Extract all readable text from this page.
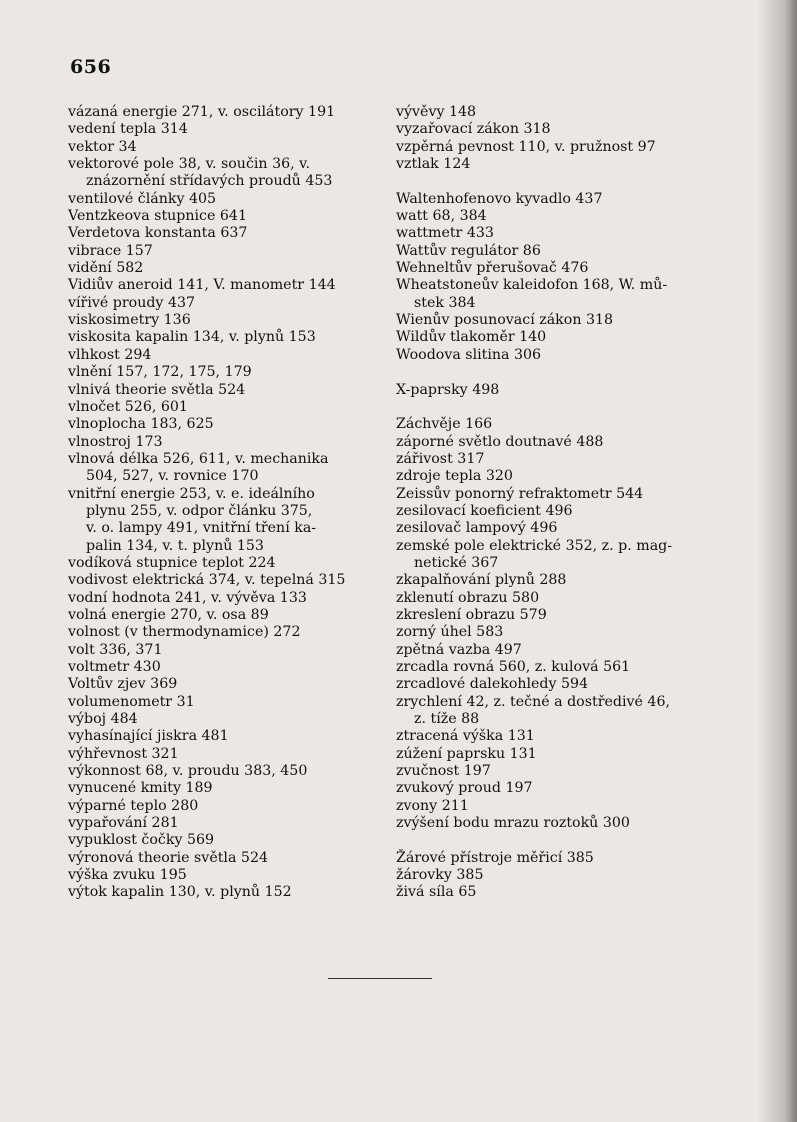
656
vázaná energie 271, v. oscilátory 191
vedení tepla 314
vektor 34
vektorové pole 38, v. součin 36, v.
znázornění střídavých proudů 453
ventilové články 405
Ventzkeova stupnice 641
Verdetova konstanta 637
vibrace 157
vidění 582
Vidiův aneroid 141, V. manometr 144
vířivé proudy 437
viskosimetry 136
viskosita kapalin 134, v. plynů 153
vlhkost 294
vlnění 157, 172, 175, 179
vlnivá theorie světla 524
vlnočet 526, 601
vlnoplocha 183, 625
vlnostroj 173
vlnová délka 526, 611, v. mechanika
504, 527, v. rovnice 170
vnitřní energie 253, v. e. ideálního
plynu 255, v. odpor článku 375,
v. o. lampy 491, vnitřní tření ka-
palin 134, v. t. plynů 153
vodíková stupnice teplot 224
vodivost elektrická 374, v. tepelná 315
vodní hodnota 241, v. vývěva 133
volná energie 270, v. osa 89
volnost (v thermodynamice) 272
volt 336, 371
voltmetr 430
Voltův zjev 369
volumenometr 31
výboj 484
vyhasínající jiskra 481
výhřevnost 321
výkonnost 68, v. proudu 383, 450
vynucené kmity 189
výparné teplo 280
vypařování 281
vypuklost čočky 569
výronová theorie světla 524
výška zvuku 195
výtok kapalin 130, v. plynů 152
vývěvy 148
vyzařovací zákon 318
vzpěrná pevnost 110, v. pružnost 97
vztlak 124
Waltenhofenovo kyvadlo 437
watt 68, 384
wattmetr 433
Wattův regulátor 86
Wehneltův přerušovač 476
Wheatstoneův kaleidofon 168, W. mů-
stek 384
Wienův posunovací zákon 318
Wildův tlakoměr 140
Woodova slitina 306
X-paprsky 498
Záchvěje 166
záporné světlo doutnavé 488
zářivost 317
zdroje tepla 320
Zeissův ponorný refraktometr 544
zesilovací koeficient 496
zesilovač lampový 496
zemské pole elektrické 352, z. p. mag-
netické 367
zkapalňování plynů 288
zklenutí obrazu 580
zkreslení obrazu 579
zorný úhel 583
zpětná vazba 497
zrcadla rovná 560, z. kulová 561
zrcadlové dalekohledy 594
zrychlení 42, z. tečné a dostředivé 46,
z. tíže 88
ztracená výška 131
zúžení paprsku 131
zvučnost 197
zvukový proud 197
zvony 211
zvýšení bodu mrazu roztoků 300
Žárové přístroje měřicí 385
žárovky 385
živá síla 65
